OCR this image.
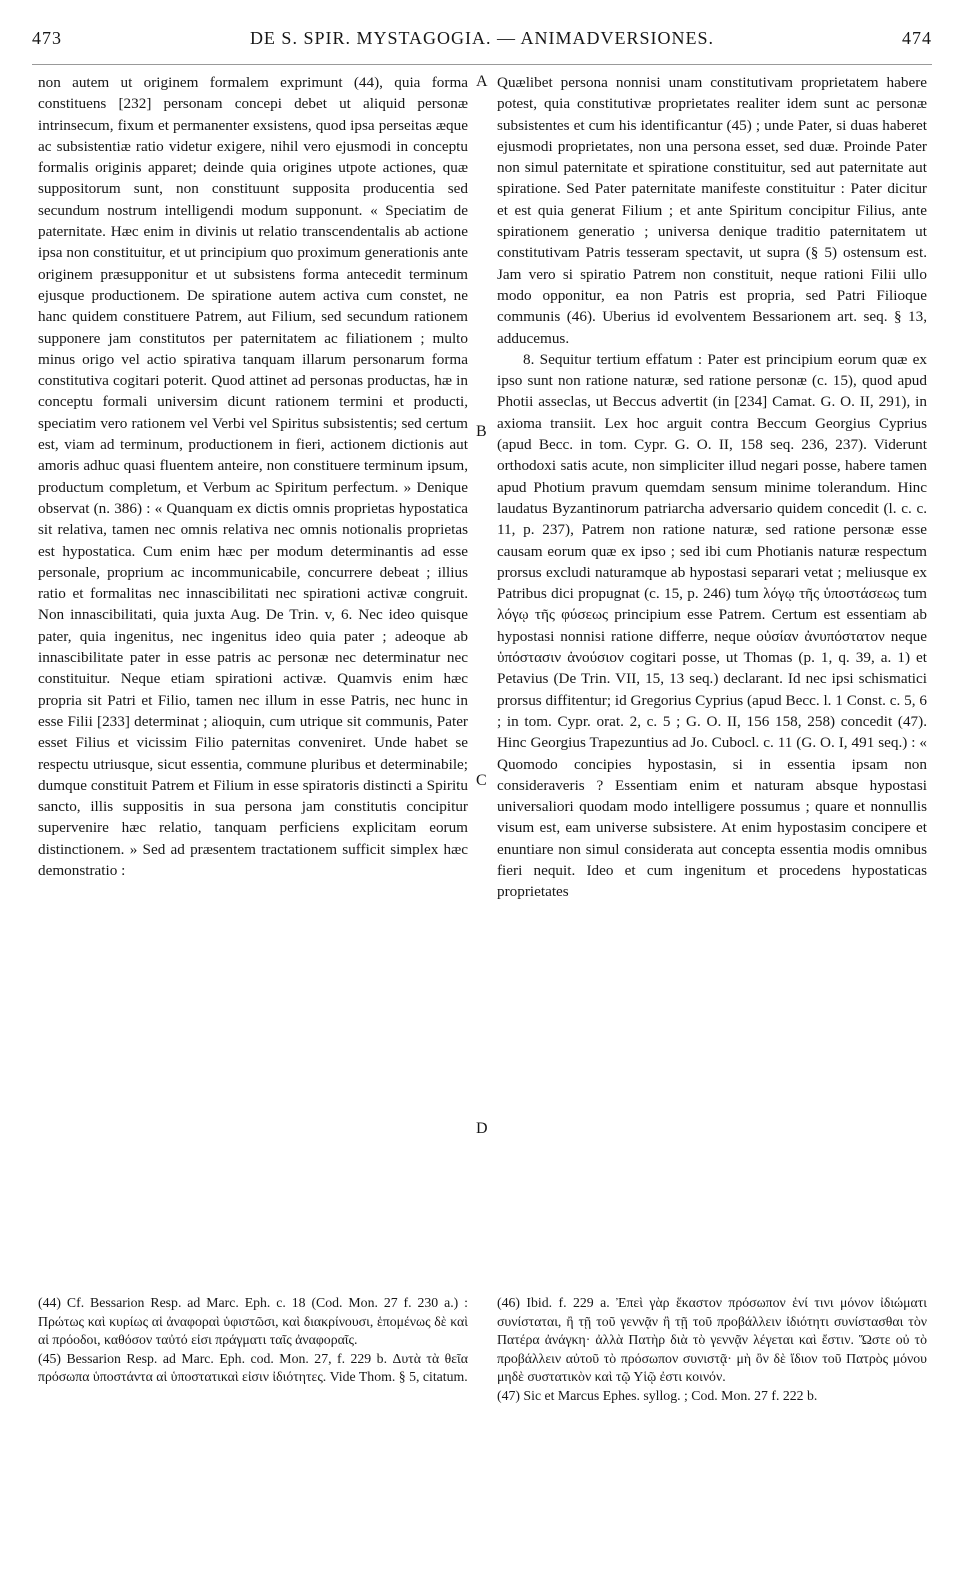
473	DE S. SPIR. MYSTAGOGIA. — ANIMADVERSIONES.	474

non autem ut originem formalem exprimunt (44), quia forma constituens [232] personam concepi debet ut aliquid personæ intrinsecum, fixum et permanenter exsistens, quod ipsa perseitas æque ac subsistentiæ ratio videtur exigere, nihil vero ejusmodi in conceptu formalis originis apparet; deinde quia origines utpote actiones, quæ suppositorum sunt, non constituunt supposita producentia sed secundum nostrum intelligendi modum supponunt. « Speciatim de paternitate. Hæc enim in divinis ut relatio transcendentalis ab actione ipsa non constituitur, et ut principium quo proximum generationis ante originem præsupponitur et ut subsistens forma antecedit terminum ejusque productionem. De spiratione autem activa cum constet, ne hanc quidem constituere Patrem, aut Filium, sed secundum rationem supponere jam constitutos per paternitatem ac filiationem ; multo minus origo vel actio spirativa tanquam illarum personarum forma constitutiva cogitari poterit. Quod attinet ad personas productas, hæ in conceptu formali universim dicunt rationem termini et producti, speciatim vero rationem vel Verbi vel Spiritus subsistentis; sed certum est, viam ad terminum, productionem in fieri, actionem dictionis aut amoris adhuc quasi fluentem anteire, non constituere terminum ipsum, productum completum, et Verbum ac Spiritum perfectum. » Denique observat (n. 386) : « Quanquam ex dictis omnis proprietas hypostatica sit relativa, tamen nec omnis relativa nec omnis notionalis proprietas est hypostatica. Cum enim hæc per modum determinantis ad esse personale, proprium ac incommunicabile, concurrere debeat ; illius ratio et formalitas nec innascibilitati nec spirationi activæ congruit. Non innascibilitati, quia juxta Aug. De Trin. v, 6. Nec ideo quisque pater, quia ingenitus, nec ingenitus ideo quia pater ; adeoque ab innascibilitate pater in esse patris ac personæ nec determinatur nec constituitur. Neque etiam spirationi activæ. Quamvis enim hæc propria sit Patri et Filio, tamen nec illum in esse Patris, nec hunc in esse Filii [233] determinat ; alioquin, cum utrique sit communis, Pater esset Filius et vicissim Filio paternitas conveniret. Unde habet se respectu utriusque, sicut essentia, commune pluribus et determinabile; dumque constituit Patrem et Filium in esse spiratoris distincti a Spiritu sancto, illis suppositis in sua persona jam constitutis concipitur supervenire hæc relatio, tanquam perficiens explicitam eorum distinctionem. » Sed ad præsentem tractationem sufficit simplex hæc demonstratio :

A
B
C
D

Quælibet persona nonnisi unam constitutivam proprietatem habere potest, quia constitutivæ proprietates realiter idem sunt ac personæ subsistentes et cum his identificantur (45) ; unde Pater, si duas haberet ejusmodi proprietates, non una persona esset, sed duæ. Proinde Pater non simul paternitate et spiratione constituitur, sed aut paternitate aut spiratione. Sed Pater paternitate manifeste constituitur : Pater dicitur et est quia generat Filium ; et ante Spiritum concipitur Filius, ante spirationem generatio ; universa denique traditio paternitatem ut constitutivam Patris tesseram spectavit, ut supra (§ 5) ostensum est. Jam vero si spiratio Patrem non constituit, neque rationi Filii ullo modo opponitur, ea non Patris est propria, sed Patri Filioque communis (46). Uberius id evolventem Bessarionem art. seq. § 13, adducemus.

8. Sequitur tertium effatum : Pater est principium eorum quæ ex ipso sunt non ratione naturæ, sed ratione personæ (c. 15), quod apud Photii asseclas, ut Beccus advertit (in [234] Camat. G. O. II, 291), in axioma transiit. Lex hoc arguit contra Beccum Georgius Cyprius (apud Becc. in tom. Cypr. G. O. II, 158 seq. 236, 237). Viderunt orthodoxi satis acute, non simpliciter illud negari posse, habere tamen apud Photium pravum quemdam sensum minime tolerandum. Hinc laudatus Byzantinorum patriarcha adversario quidem concedit (l. c. c. 11, p. 237), Patrem non ratione naturæ, sed ratione personæ esse causam eorum quæ ex ipso ; sed ibi cum Photianis naturæ respectum prorsus excludi naturamque ab hypostasi separari vetat ; meliusque ex Patribus dici propugnat (c. 15, p. 246) tum λόγῳ τῆς ὑποστάσεως tum λόγῳ τῆς φύσεως principium esse Patrem. Certum est essentiam ab hypostasi nonnisi ratione differre, neque οὐσίαν ἀνυπόστατον neque ὑπόστασιν ἀνούσιον cogitari posse, ut Thomas (p. 1, q. 39, a. 1) et Petavius (De Trin. VII, 15, 13 seq.) declarant. Id nec ipsi schismatici prorsus diffitentur; id Gregorius Cyprius (apud Becc. l. 1 Const. c. 5, 6 ; in tom. Cypr. orat. 2, c. 5 ; G. O. II, 156 158, 258) concedit (47). Hinc Georgius Trapezuntius ad Jo. Cubocl. c. 11 (G. O. I, 491 seq.) : « Quomodo concipies hypostasin, si in essentia ipsam non consideraveris ? Essentiam enim et naturam absque hypostasi universaliori quodam modo intelligere possumus ; quare et nonnullis visum est, eam universe subsistere. At enim hypostasim concipere et enuntiare non simul considerata aut concepta essentia modis omnibus fieri nequit. Ideo et cum ingenitum et procedens hypostaticas proprietates

(44) Cf. Bessarion Resp. ad Marc. Eph. c. 18 (Cod. Mon. 27 f. 230 a.) : Πρώτως καὶ κυρίως αἱ ἀναφοραὶ ὑφιστῶσι, καὶ διακρίνουσι, ἑπομένως δὲ καὶ αἱ πρόοδοι, καθόσον ταὐτό εἰσι πράγματι ταῖς ἀναφοραῖς.

(45) Bessarion Resp. ad Marc. Eph. cod. Mon. 27, f. 229 b. Δυτὰ τὰ θεῖα πρόσωπα ὑποστάντα αἱ ὑποστατικαὶ εἰσιν ἰδιότητες. Vide Thom. § 5, citatum.

(46) Ibid. f. 229 a. Ἐπεὶ γὰρ ἕκαστον πρόσωπον ἑνί τινι μόνον ἰδιώματι συνίσταται, ἢ τῇ τοῦ γεννᾷν ἢ τῇ τοῦ προβάλλειν ἰδιότητι συνίστασθαι τὸν Πατέρα ἀνάγκη· ἀλλὰ Πατὴρ διὰ τὸ γεννᾷν λέγεται καὶ ἔστιν. Ὥστε οὐ τὸ προβάλλειν αὐτοῦ τὸ πρόσωπον συνιστᾷ· μὴ ὂν δὲ ἴδιον τοῦ Πατρὸς μόνου μηδὲ συστατικὸν καὶ τῷ Υἱῷ ἐστι κοινόν.

(47) Sic et Marcus Ephes. syllog. ; Cod. Mon. 27 f. 222 b.
